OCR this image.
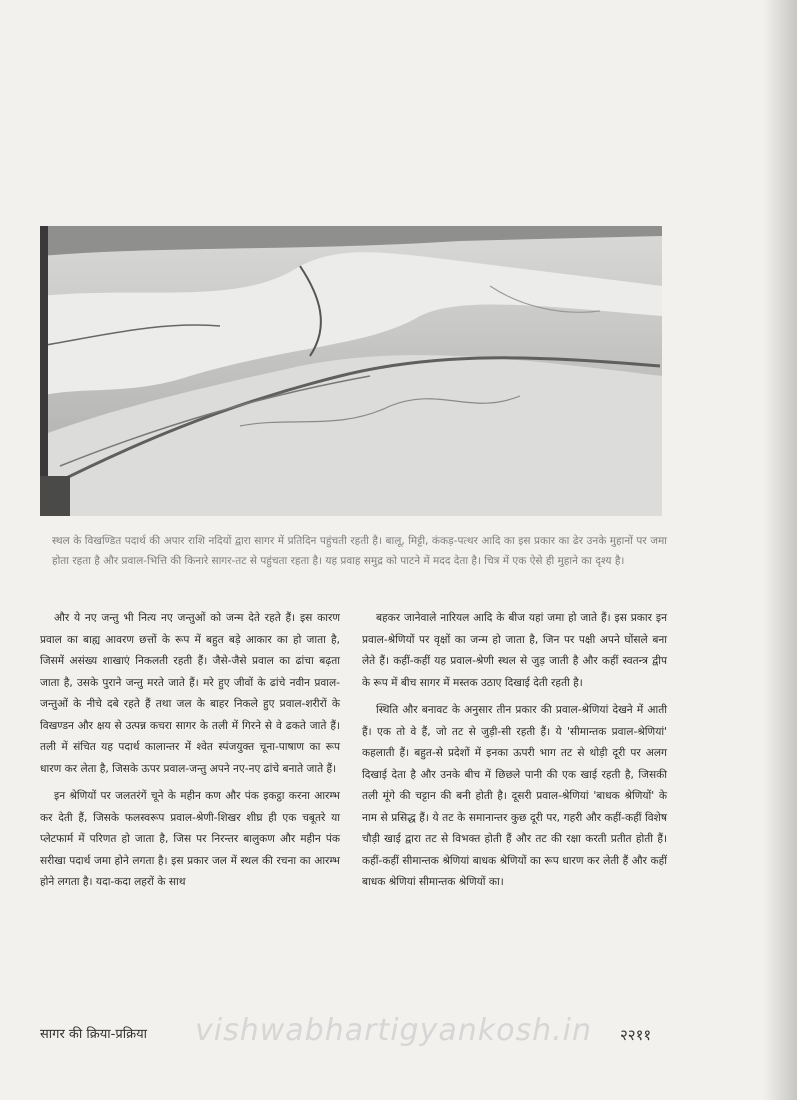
स्थल के विखण्डित पदार्थ की अपार राशि नदियों द्वारा सागर में प्रतिदिन पहुंचती रहती है। बालू, मिट्टी, कंकड़-पत्थर आदि का इस प्रकार का ढेर उनके मुहानों पर जमा होता रहता है और प्रवाल-भित्ति की किनारे सागर-तट से पहुंचता रहता है। यह प्रवाह समुद्र को पाटने में मदद देता है। चित्र में एक ऐसे ही मुहाने का दृश्य है।

और ये नए जन्तु भी नित्य नए जन्तुओं को जन्म देते रहते हैं। इस कारण प्रवाल का बाह्य आवरण छत्तों के रूप में बहुत बड़े आकार का हो जाता है, जिसमें असंख्य शाखाएं निकलती रहती हैं। जैसे-जैसे प्रवाल का ढांचा बढ़ता जाता है, उसके पुराने जन्तु मरते जाते हैं। मरे हुए जीवों के ढांचे नवीन प्रवाल-जन्तुओं के नीचे दबे रहते हैं तथा जल के बाहर निकले हुए प्रवाल-शरीरों के विखण्डन और क्षय से उत्पन्न कचरा सागर के तली में गिरने से वे ढकते जाते हैं। तली में संचित यह पदार्थ कालान्तर में श्वेत स्पंजयुक्त चूना-पाषाण का रूप धारण कर लेता है, जिसके ऊपर प्रवाल-जन्तु अपने नए-नए ढांचे बनाते जाते हैं।

इन श्रेणियों पर जलतरंगें चूने के महीन कण और पंक इकट्ठा करना आरम्भ कर देती हैं, जिसके फलस्वरूप प्रवाल-श्रेणी-शिखर शीघ्र ही एक चबूतरे या प्लेटफार्म में परिणत हो जाता है, जिस पर निरन्तर बालुकण और महीन पंक सरीखा पदार्थ जमा होने लगता है। इस प्रकार जल में स्थल की रचना का आरम्भ होने लगता है। यदा-कदा लहरों के साथ

बहकर जानेवाले नारियल आदि के बीज यहां जमा हो जाते हैं। इस प्रकार इन प्रवाल-श्रेणियों पर वृक्षों का जन्म हो जाता है, जिन पर पक्षी अपने घोंसले बना लेते हैं। कहीं-कहीं यह प्रवाल-श्रेणी स्थल से जुड़ जाती है और कहीं स्वतन्त्र द्वीप के रूप में बीच सागर में मस्तक उठाए दिखाई देती रहती है।

स्थिति और बनावट के अनुसार तीन प्रकार की प्रवाल-श्रेणियां देखने में आती हैं। एक तो वे हैं, जो तट से जुड़ी-सी रहती हैं। ये 'सीमान्तक प्रवाल-श्रेणियां' कहलाती हैं। बहुत-से प्रदेशों में इनका ऊपरी भाग तट से थोड़ी दूरी पर अलग दिखाई देता है और उनके बीच में छिछले पानी की एक खाई रहती है, जिसकी तली मूंगे की चट्टान की बनी होती है। दूसरी प्रवाल-श्रेणियां 'बाधक श्रेणियों' के नाम से प्रसिद्ध हैं। ये तट के समानान्तर कुछ दूरी पर, गहरी और कहीं-कहीं विशेष चौड़ी खाई द्वारा तट से विभक्त होती हैं और तट की रक्षा करती प्रतीत होती हैं। कहीं-कहीं सीमान्तक श्रेणियां बाधक श्रेणियों का रूप धारण कर लेती हैं और कहीं बाधक श्रेणियां सीमान्तक श्रेणियों का।

vishwabhartigyankosh.in
सागर की क्रिया-प्रक्रिया	२२११
